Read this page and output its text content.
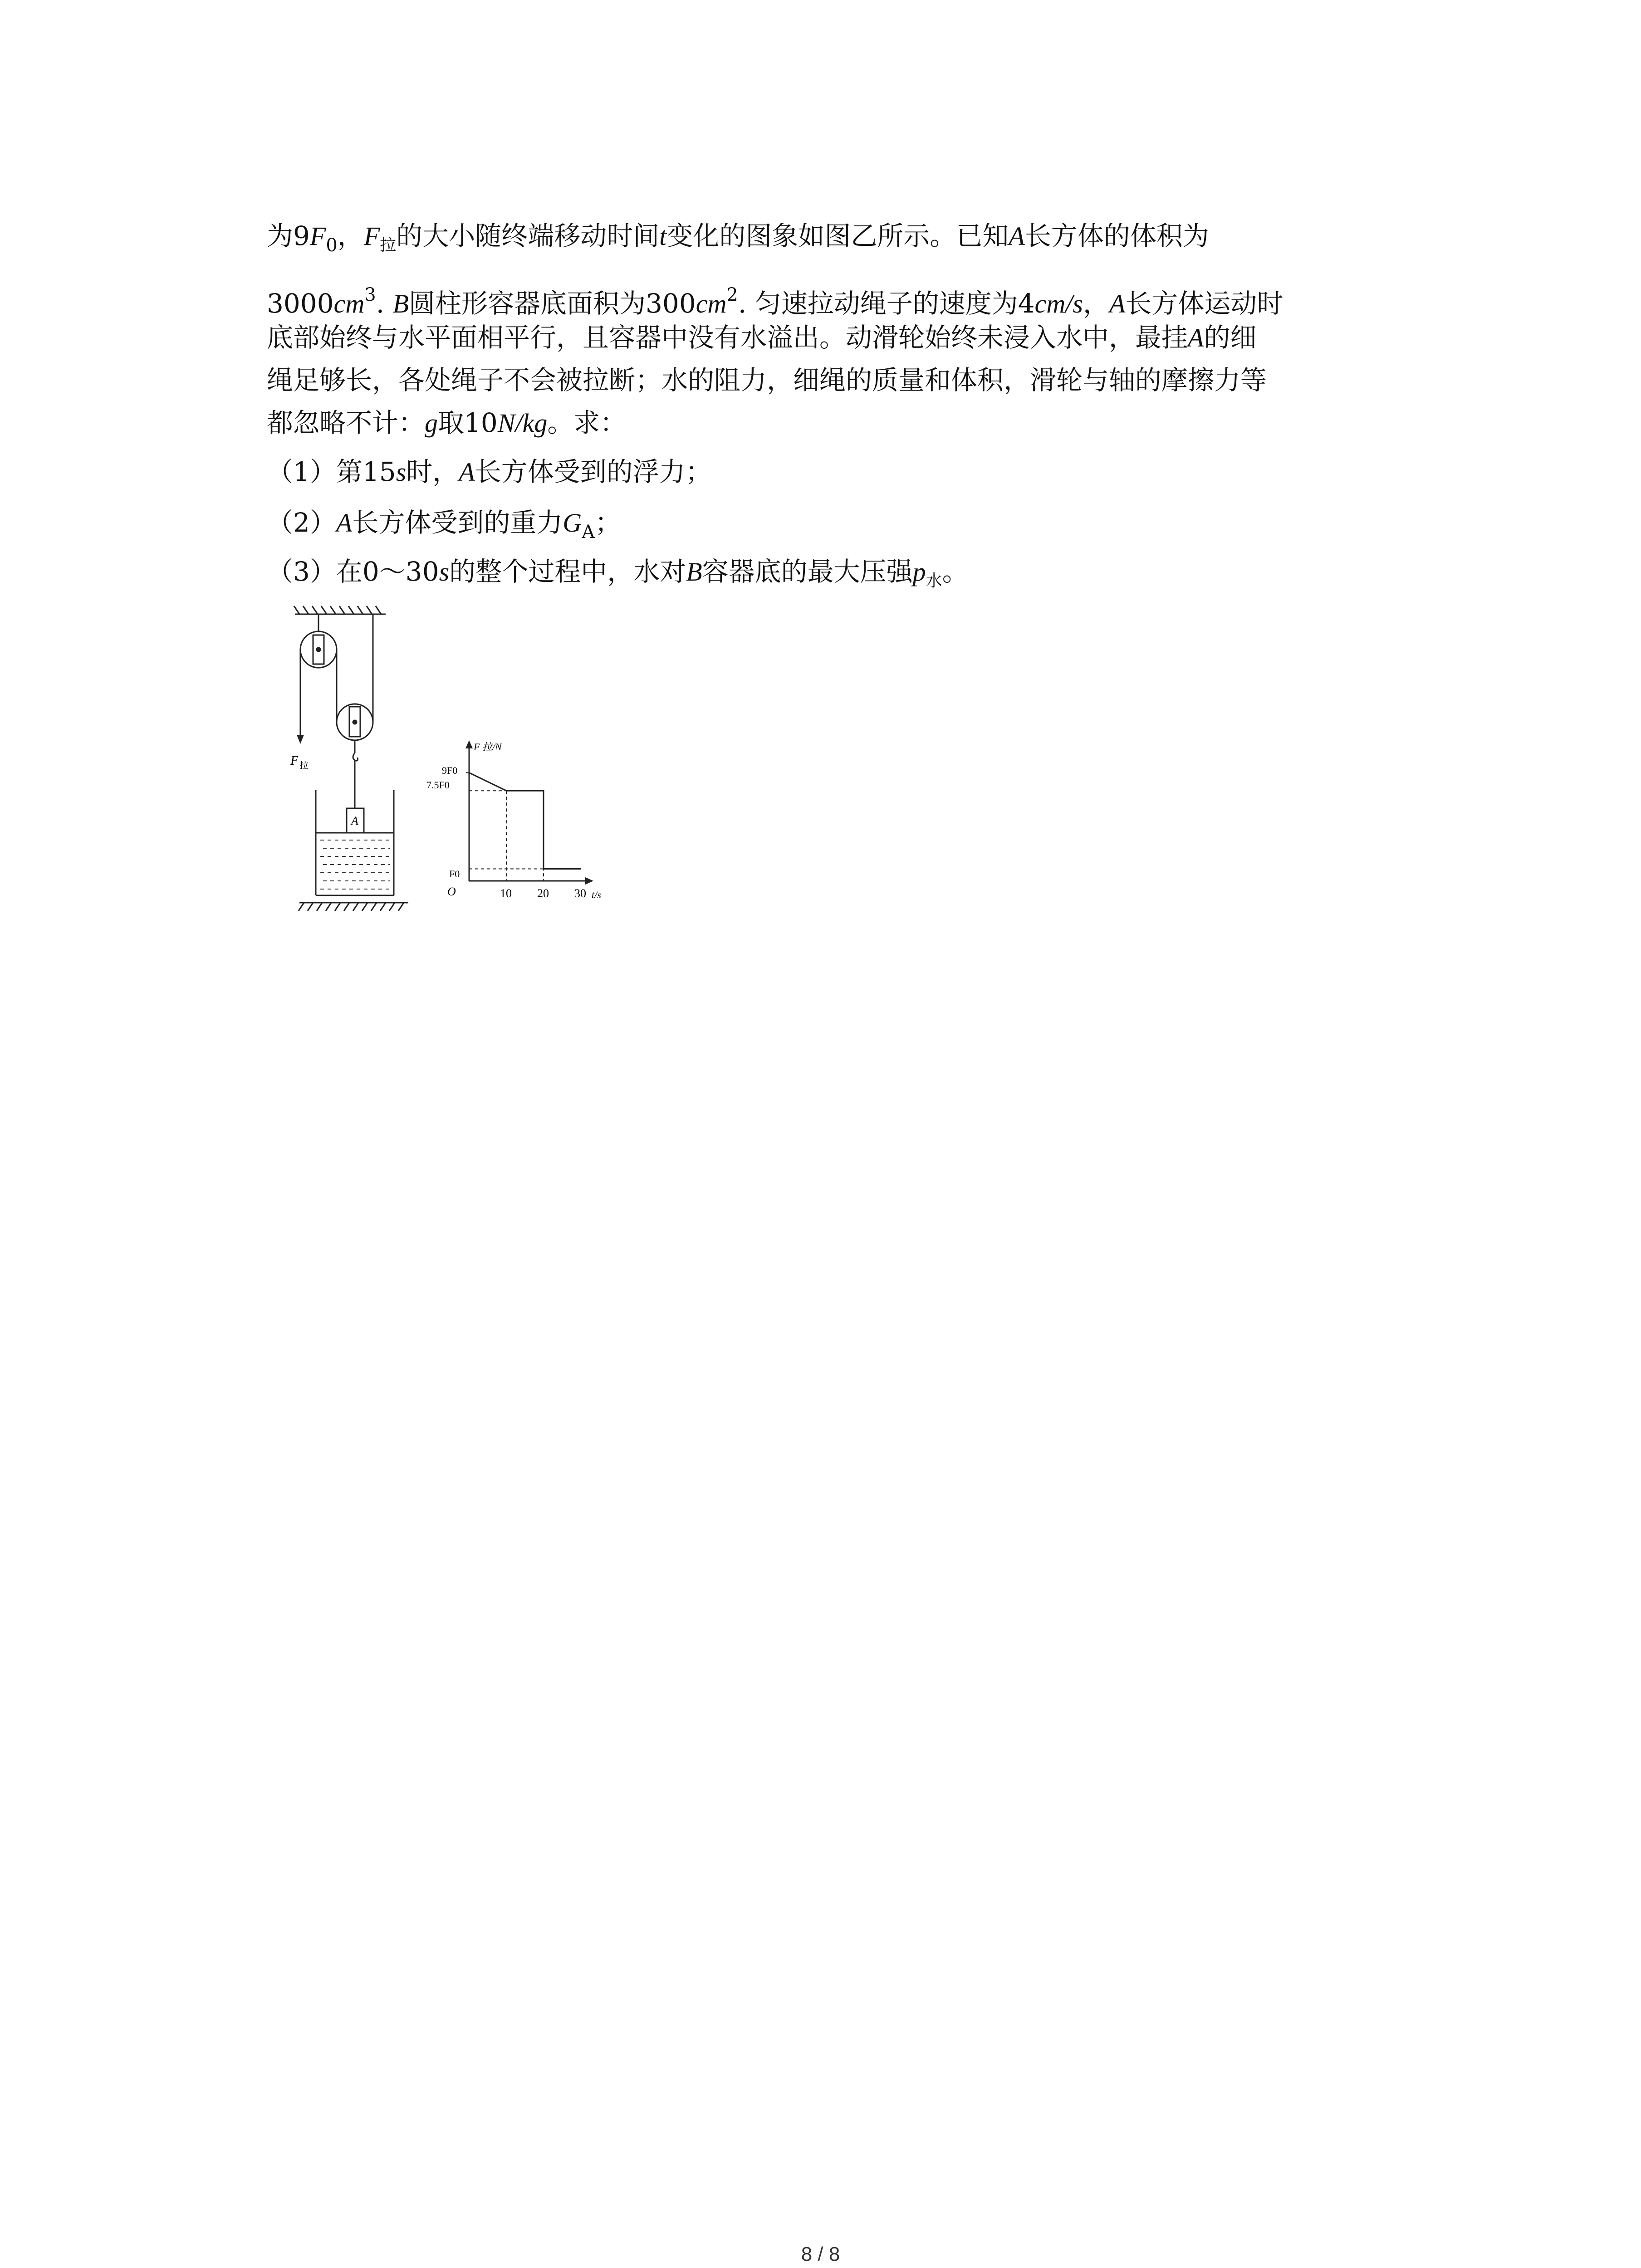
为$9F_0$，$F_拉$的大小随终端移动时间t变化的图象如图乙所示。已知A长方体的体积为
$3000cm^3$. B圆柱形容器底面积为$300cm^2$. 匀速拉动绳子的速度为4cm/s，A长方体运动时
底部始终与水平面相平行，且容器中没有水溢出。动滑轮始终未浸入水中，最挂A的细
绳足够长，各处绳子不会被拉断；水的阻力，细绳的质量和体积，滑轮与轴的摩擦力等
都忽略不计：g取10N/kg。求：
（1）第15s时，A长方体受到的浮力；
（2）A长方体受到的重力$G_A$；
（3）在0～30s的整个过程中，水对B容器底的最大压强$p_水$。
F 拉
A
F 拉/N
t/s
O
9F0
7.5F0
F0
10 20 30
8 / 8
